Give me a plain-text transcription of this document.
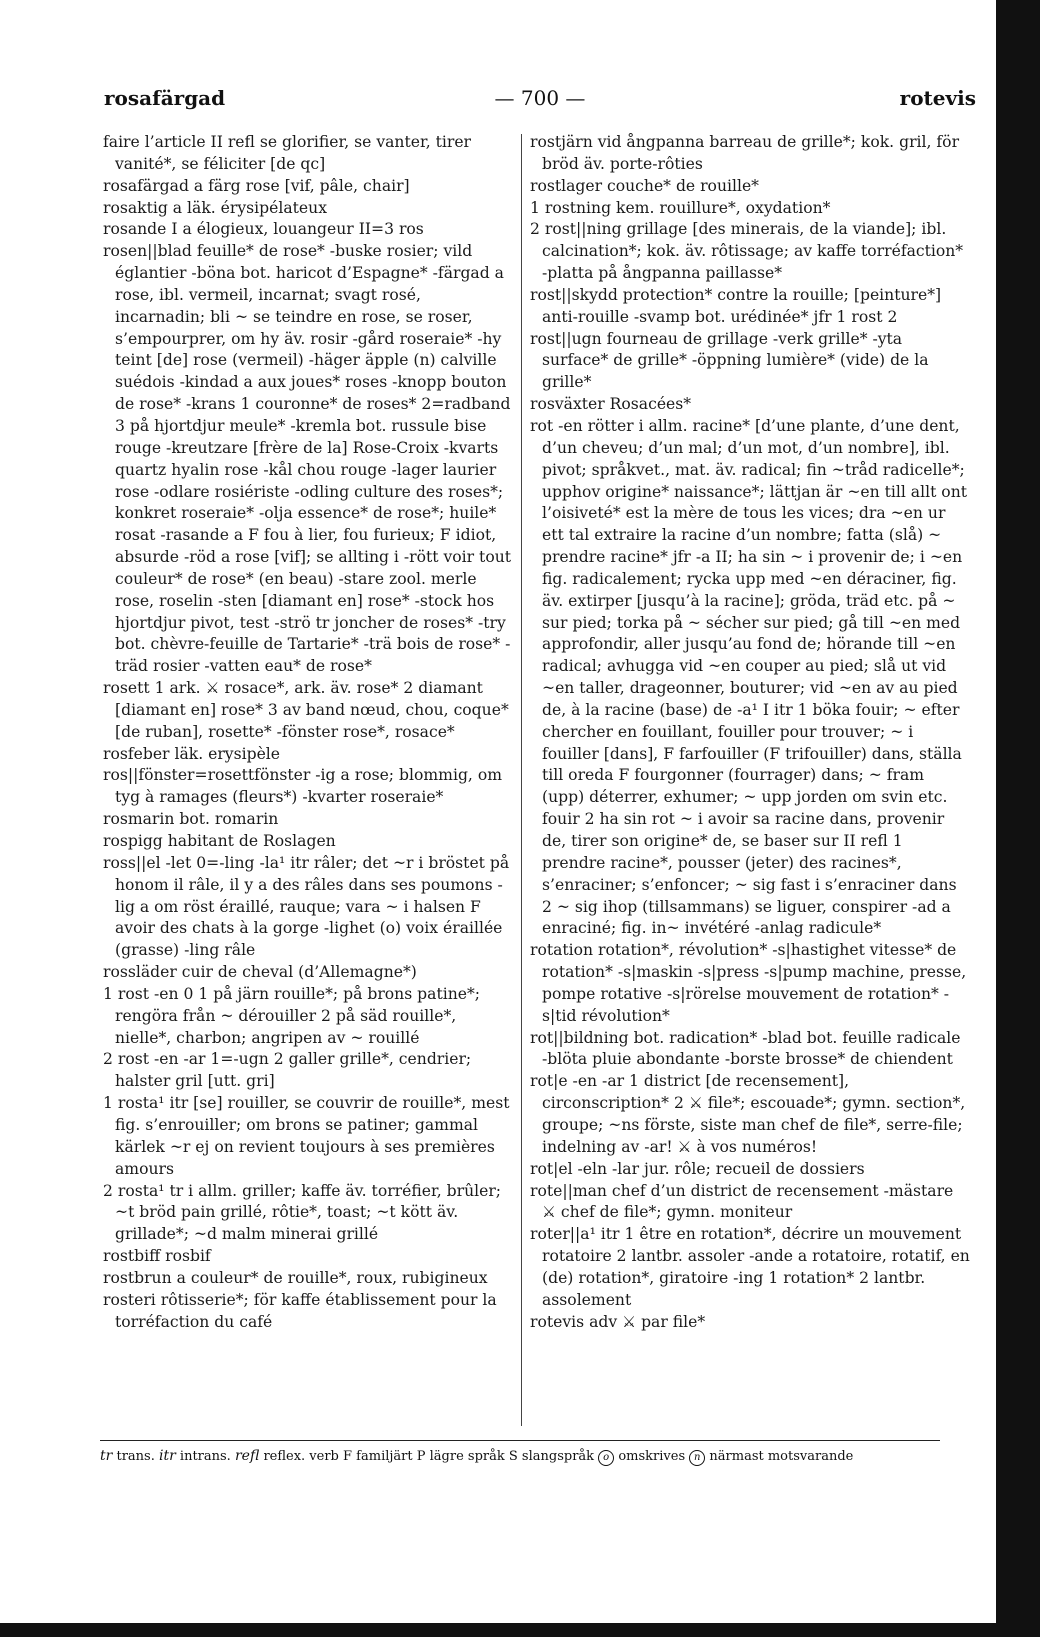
— 700 —
rosafärgad	rotevis
faire l’article II refl se glorifier, se vanter, tirer vanité*, se féliciter [de qc]
rosafärgad a färg rose [vif, pâle, chair]
rosaktig a läk. érysipélateux
rosande I a élogieux, louangeur II=3 ros
rosen||blad feuille* de rose* -buske rosier; vild églantier -böna bot. haricot d’Espagne* -färgad a rose, ibl. vermeil, incarnat; svagt rosé, incarnadin; bli ~ se teindre en rose, se roser, s’empourprer, om hy äv. rosir -gård roseraie* -hy teint [de] rose (vermeil) -häger äpple (n) calville suédois -kindad a aux joues* roses -knopp bouton de rose* -krans 1 couronne* de roses* 2=radband 3 på hjortdjur meule* -kremla bot. russule bise rouge -kreutzare [frère de la] Rose-Croix -kvarts quartz hyalin rose -kål chou rouge -lager laurier rose -odlare rosiériste -odling culture des roses*; konkret roseraie* -olja essence* de rose*; huile* rosat -rasande a F fou à lier, fou furieux; F idiot, absurde -röd a rose [vif]; se allting i -rött voir tout couleur* de rose* (en beau) -stare zool. merle rose, roselin -sten [diamant en] rose* -stock hos hjortdjur pivot, test -strö tr joncher de roses* -try bot. chèvre-feuille de Tartarie* -trä bois de rose* -träd rosier -vatten eau* de rose*
rosett 1 ark. ⚔ rosace*, ark. äv. rose* 2 diamant [diamant en] rose* 3 av band nœud, chou, coque* [de ruban], rosette* -fönster rose*, rosace*
rosfeber läk. erysipèle
ros||fönster=rosettfönster -ig a rose; blommig, om tyg à ramages (fleurs*) -kvarter roseraie*
rosmarin bot. romarin
rospigg habitant de Roslagen
ross||el -let 0=-ling -la¹ itr râler; det ~r i bröstet på honom il râle, il y a des râles dans ses poumons -lig a om röst éraillé, rauque; vara ~ i halsen F avoir des chats à la gorge -lighet (o) voix éraillée (grasse) -ling râle
rossläder cuir de cheval (d’Allemagne*)
1 rost -en 0 1 på järn rouille*; på brons patine*; rengöra från ~ dérouiller 2 på säd rouille*, nielle*, charbon; angripen av ~ rouillé
2 rost -en -ar 1=-ugn 2 galler grille*, cendrier; halster gril [utt. gri]
1 rosta¹ itr [se] rouiller, se couvrir de rouille*, mest fig. s’enrouiller; om brons se patiner; gammal kärlek ~r ej on revient toujours à ses premières amours
2 rosta¹ tr i allm. griller; kaffe äv. torréfier, brûler; ~t bröd pain grillé, rôtie*, toast; ~t kött äv. grillade*; ~d malm minerai grillé
rostbiff rosbif
rostbrun a couleur* de rouille*, roux, rubigineux
rosteri rôtisserie*; för kaffe établissement pour la torréfaction du café
rostjärn vid ångpanna barreau de grille*; kok. gril, för bröd äv. porte-rôties
rostlager couche* de rouille*
1 rostning kem. rouillure*, oxydation*
2 rost||ning grillage [des minerais, de la viande]; ibl. calcination*; kok. äv. rôtissage; av kaffe torréfaction* -platta på ångpanna paillasse*
rost||skydd protection* contre la rouille; [peinture*] anti-rouille -svamp bot. urédinée* jfr 1 rost 2
rost||ugn fourneau de grillage -verk grille* -yta surface* de grille* -öppning lumière* (vide) de la grille*
rosväxter Rosacées*
rot -en rötter i allm. racine* [d’une plante, d’une dent, d’un cheveu; d’un mal; d’un mot, d’un nombre], ibl. pivot; språkvet., mat. äv. radical; fin ~tråd radicelle*; upphov origine* naissance*; lättjan är ~en till allt ont l’oisiveté* est la mère de tous les vices; dra ~en ur ett tal extraire la racine d’un nombre; fatta (slå) ~ prendre racine* jfr -a II; ha sin ~ i provenir de; i ~en fig. radicalement; rycka upp med ~en déraciner, fig. äv. extirper [jusqu’à la racine]; gröda, träd etc. på ~ sur pied; torka på ~ sécher sur pied; gå till ~en med approfondir, aller jusqu’au fond de; hörande till ~en radical; avhugga vid ~en couper au pied; slå ut vid ~en taller, drageonner, bouturer; vid ~en av au pied de, à la racine (base) de -a¹ I itr 1 böka fouir; ~ efter chercher en fouillant, fouiller pour trouver; ~ i fouiller [dans], F farfouiller (F trifouiller) dans, ställa till oreda F fourgonner (fourrager) dans; ~ fram (upp) déterrer, exhumer; ~ upp jorden om svin etc. fouir 2 ha sin rot ~ i avoir sa racine dans, provenir de, tirer son origine* de, se baser sur II refl 1 prendre racine*, pousser (jeter) des racines*, s’enraciner; s’enfoncer; ~ sig fast i s’enraciner dans 2 ~ sig ihop (tillsammans) se liguer, conspirer -ad a enraciné; fig. in~ invétéré -anlag radicule*
rotation rotation*, révolution* -s|hastighet vitesse* de rotation* -s|maskin -s|press -s|pump machine, presse, pompe rotative -s|rörelse mouvement de rotation* -s|tid révolution*
rot||bildning bot. radication* -blad bot. feuille radicale -blöta pluie abondante -borste brosse* de chiendent
rot|e -en -ar 1 district [de recensement], circonscription* 2 ⚔ file*; escouade*; gymn. section*, groupe; ~ns förste, siste man chef de file*, serre-file; indelning av -ar! ⚔ à vos numéros!
rot|el -eln -lar jur. rôle; recueil de dossiers
rote||man chef d’un district de recensement -mästare ⚔ chef de file*; gymn. moniteur
roter||a¹ itr 1 être en rotation*, décrire un mouvement rotatoire 2 lantbr. assoler -ande a rotatoire, rotatif, en (de) rotation*, giratoire -ing 1 rotation* 2 lantbr. assolement
rotevis adv ⚔ par file*
tr trans. itr intrans. refl reflex. verb F familjärt P lägre språk S slangspråk o omskrives n närmast motsvarande
